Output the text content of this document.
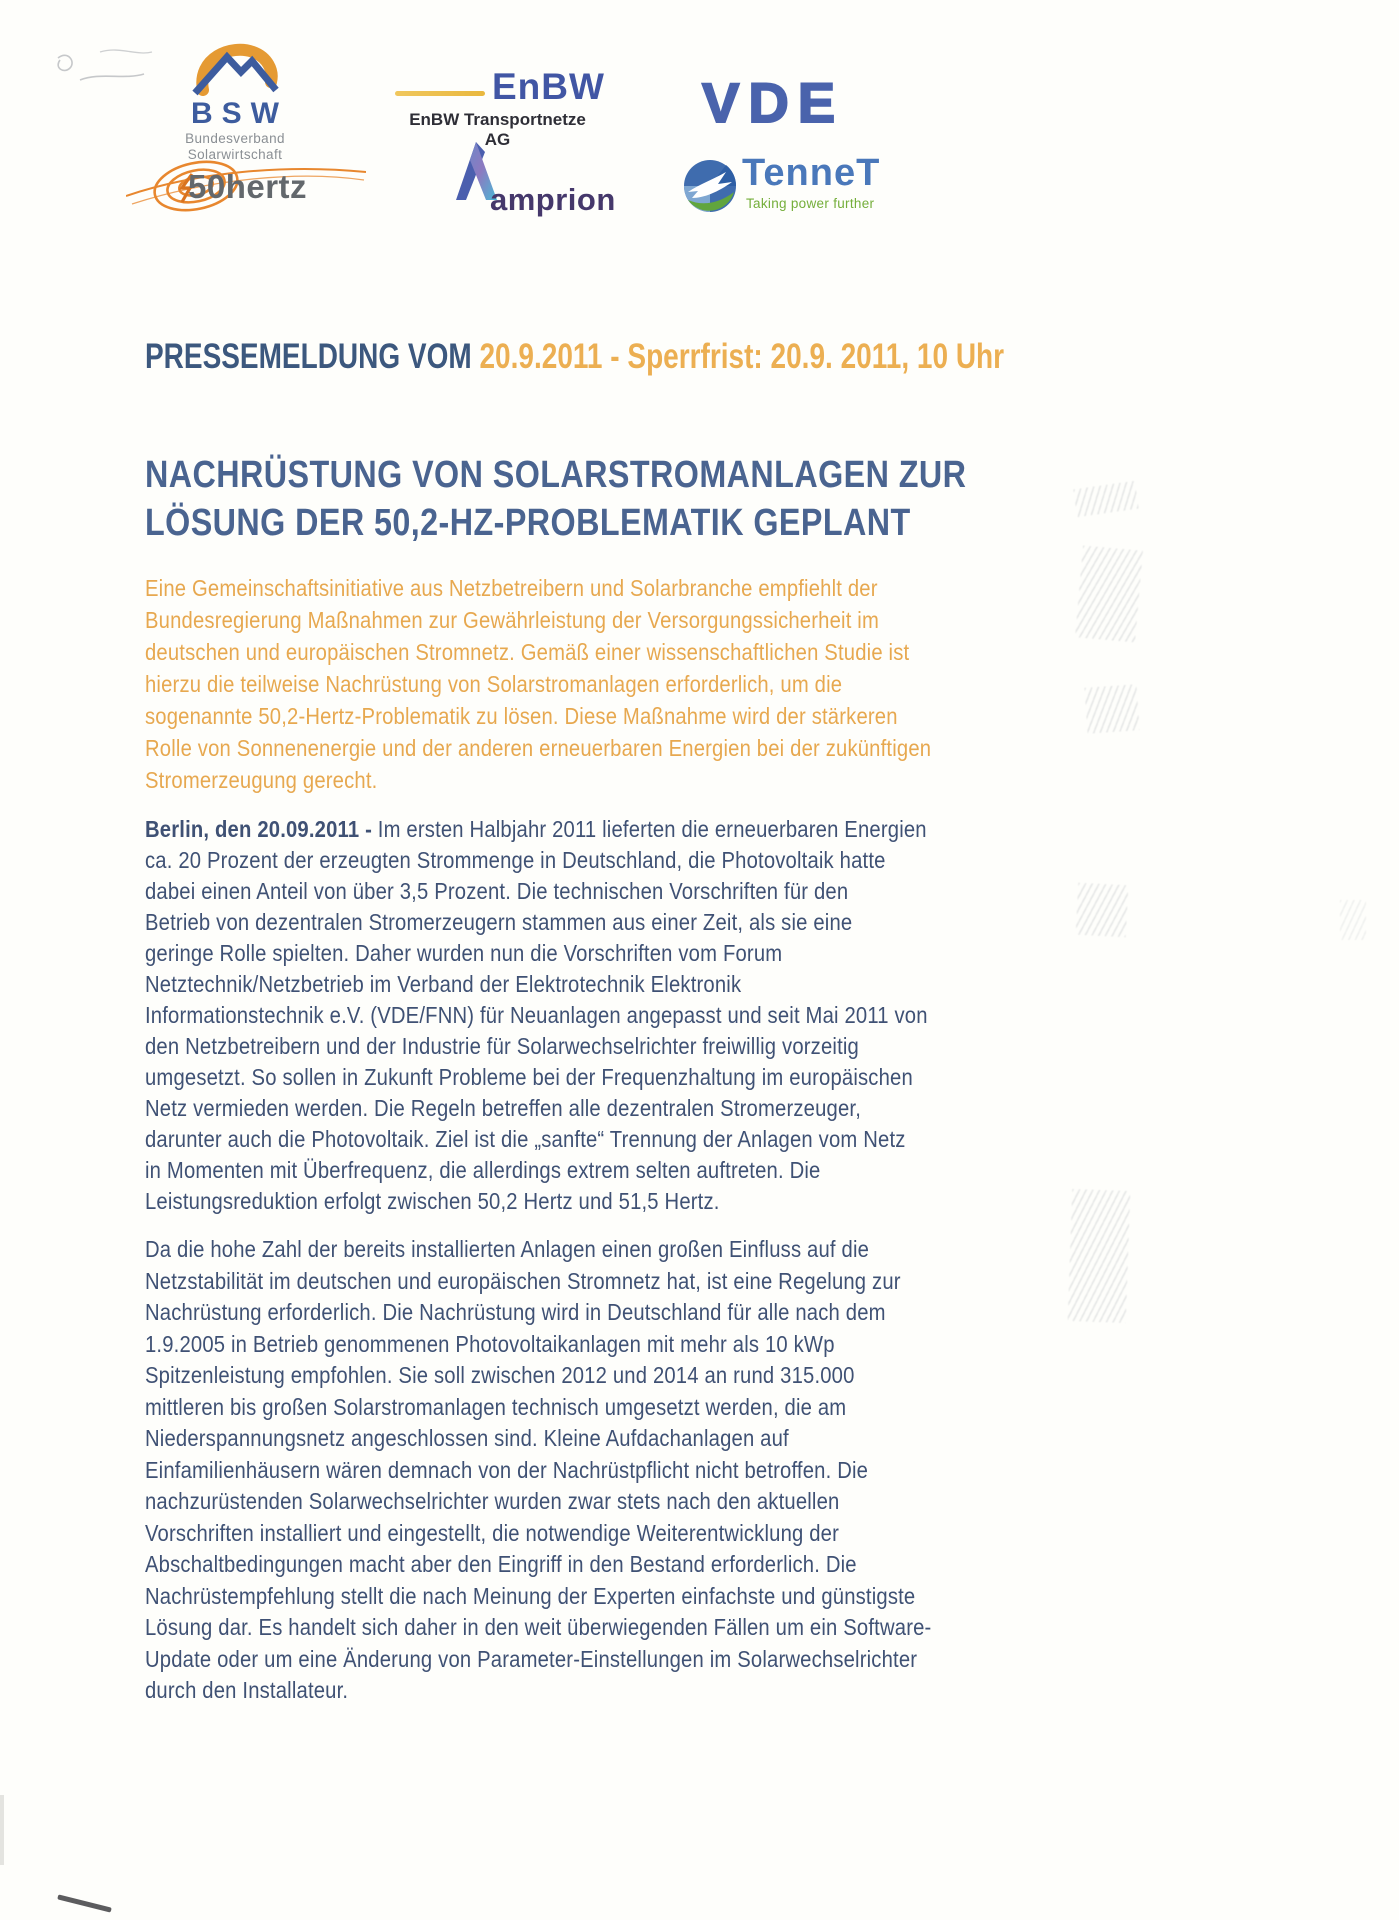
BSW
Bundesverband
Solarwirtschaft
EnBW
EnBW Transportnetze AG
VDE
50hertz	amprion
TenneT
Taking power further
PRESSEMELDUNG VOM 20.9.2011 - Sperrfrist: 20.9. 2011, 10 Uhr
NACHRÜSTUNG VON SOLARSTROMANLAGEN ZUR
LÖSUNG DER 50,2-HZ-PROBLEMATIK GEPLANT
Eine Gemeinschaftsinitiative aus Netzbetreibern und Solarbranche empfiehlt der
Bundesregierung Maßnahmen zur Gewährleistung der Versorgungssicherheit im
deutschen und europäischen Stromnetz. Gemäß einer wissenschaftlichen Studie ist
hierzu die teilweise Nachrüstung von Solarstromanlagen erforderlich, um die
sogenannte 50,2-Hertz-Problematik zu lösen. Diese Maßnahme wird der stärkeren
Rolle von Sonnenenergie und der anderen erneuerbaren Energien bei der zukünftigen
Stromerzeugung gerecht.
Berlin, den 20.09.2011 - Im ersten Halbjahr 2011 lieferten die erneuerbaren Energien
ca. 20 Prozent der erzeugten Strommenge in Deutschland, die Photovoltaik hatte
dabei einen Anteil von über 3,5 Prozent. Die technischen Vorschriften für den
Betrieb von dezentralen Stromerzeugern stammen aus einer Zeit, als sie eine
geringe Rolle spielten. Daher wurden nun die Vorschriften vom Forum
Netztechnik/Netzbetrieb im Verband der Elektrotechnik Elektronik
Informationstechnik e.V. (VDE/FNN) für Neuanlagen angepasst und seit Mai 2011 von
den Netzbetreibern und der Industrie für Solarwechselrichter freiwillig vorzeitig
umgesetzt. So sollen in Zukunft Probleme bei der Frequenzhaltung im europäischen
Netz vermieden werden. Die Regeln betreffen alle dezentralen Stromerzeuger,
darunter auch die Photovoltaik. Ziel ist die „sanfte“ Trennung der Anlagen vom Netz
in Momenten mit Überfrequenz, die allerdings extrem selten auftreten. Die
Leistungsreduktion erfolgt zwischen 50,2 Hertz und 51,5 Hertz.
Da die hohe Zahl der bereits installierten Anlagen einen großen Einfluss auf die
Netzstabilität im deutschen und europäischen Stromnetz hat, ist eine Regelung zur
Nachrüstung erforderlich. Die Nachrüstung wird in Deutschland für alle nach dem
1.9.2005 in Betrieb genommenen Photovoltaikanlagen mit mehr als 10 kWp
Spitzenleistung empfohlen. Sie soll zwischen 2012 und 2014 an rund 315.000
mittleren bis großen Solarstromanlagen technisch umgesetzt werden, die am
Niederspannungsnetz angeschlossen sind. Kleine Aufdachanlagen auf
Einfamilienhäusern wären demnach von der Nachrüstpflicht nicht betroffen. Die
nachzurüstenden Solarwechselrichter wurden zwar stets nach den aktuellen
Vorschriften installiert und eingestellt, die notwendige Weiterentwicklung der
Abschaltbedingungen macht aber den Eingriff in den Bestand erforderlich. Die
Nachrüstempfehlung stellt die nach Meinung der Experten einfachste und günstigste
Lösung dar. Es handelt sich daher in den weit überwiegenden Fällen um ein Software-
Update oder um eine Änderung von Parameter-Einstellungen im Solarwechselrichter
durch den Installateur.
